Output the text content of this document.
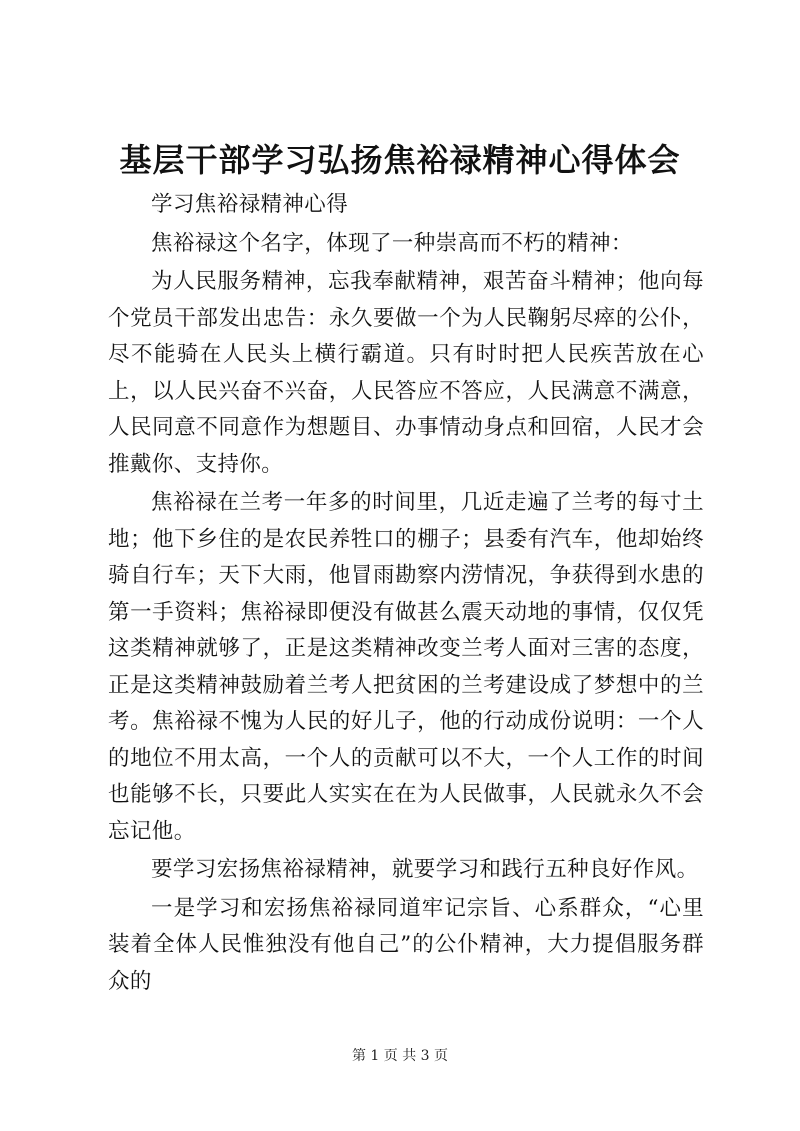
基层干部学习弘扬焦裕禄精神心得体会

学习焦裕禄精神心得

焦裕禄这个名字，体现了一种崇高而不朽的精神：

为人民服务精神，忘我奉献精神，艰苦奋斗精神；他向每个党员干部发出忠告：永久要做一个为人民鞠躬尽瘁的公仆，尽不能骑在人民头上横行霸道。只有时时把人民疾苦放在心上，以人民兴奋不兴奋，人民答应不答应，人民满意不满意，人民同意不同意作为想题目、办事情动身点和回宿，人民才会推戴你、支持你。

焦裕禄在兰考一年多的时间里，几近走遍了兰考的每寸土地；他下乡住的是农民养牲口的棚子；县委有汽车，他却始终骑自行车；天下大雨，他冒雨勘察内涝情况，争获得到水患的第一手资料；焦裕禄即便没有做甚么震天动地的事情，仅仅凭这类精神就够了，正是这类精神改变兰考人面对三害的态度，正是这类精神鼓励着兰考人把贫困的兰考建设成了梦想中的兰考。焦裕禄不愧为人民的好儿子，他的行动成份说明：一个人的地位不用太高，一个人的贡献可以不大，一个人工作的时间也能够不长，只要此人实实在在为人民做事，人民就永久不会忘记他。

要学习宏扬焦裕禄精神，就要学习和践行五种良好作风。

一是学习和宏扬焦裕禄同道牢记宗旨、心系群众，“心里装着全体人民惟独没有他自己”的公仆精神，大力提倡服务群众的

第 1 页 共 3 页
